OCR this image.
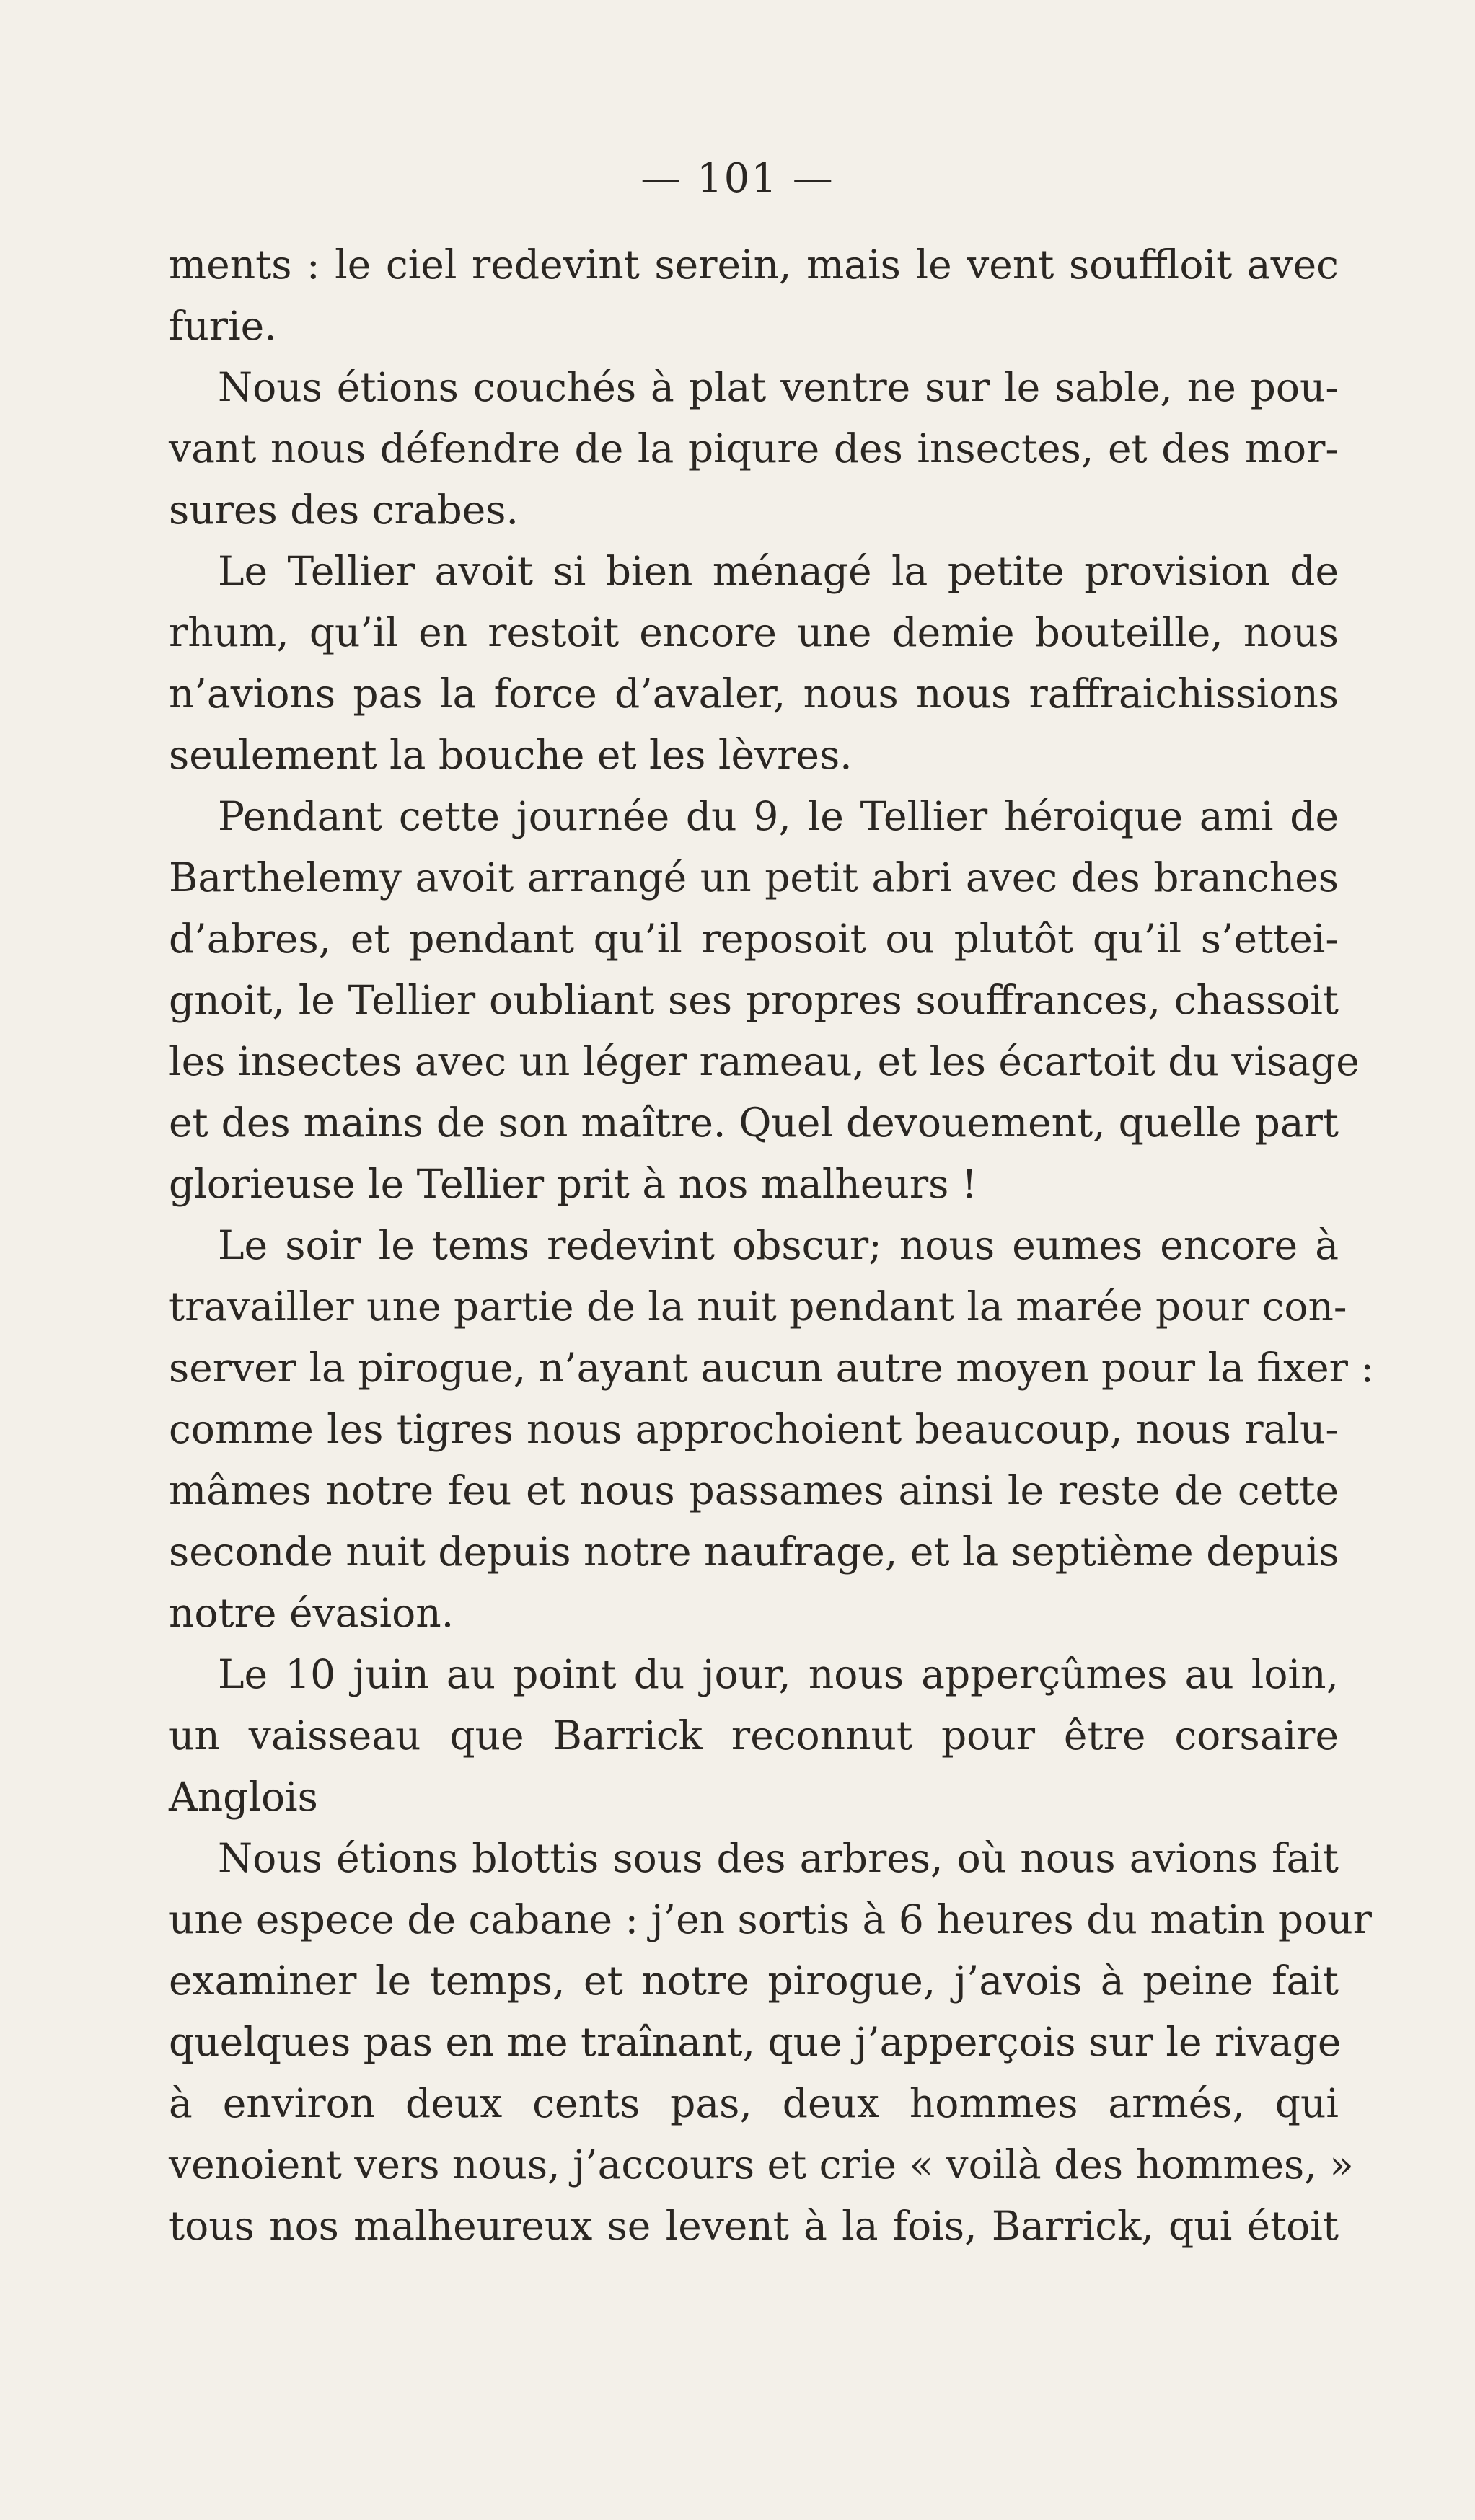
— 101 —
ments : le ciel redevint serein, mais le vent souffloit avec
furie.
Nous étions couchés à plat ventre sur le sable, ne pou-
vant nous défendre de la piqure des insectes, et des mor-
sures des crabes.
Le Tellier avoit si bien ménagé la petite provision de
rhum, qu’il en restoit encore une demie bouteille, nous
n’avions pas la force d’avaler, nous nous raffraichissions
seulement la bouche et les lèvres.
Pendant cette journée du 9, le Tellier héroique ami de
Barthelemy avoit arrangé un petit abri avec des branches
d’abres, et pendant qu’il reposoit ou plutôt qu’il s’ettei-
gnoit, le Tellier oubliant ses propres souffrances, chassoit
les insectes avec un léger rameau, et les écartoit du visage
et des mains de son maître. Quel devouement, quelle part
glorieuse le Tellier prit à nos malheurs !
Le soir le tems redevint obscur; nous eumes encore à
travailler une partie de la nuit pendant la marée pour con-
server la pirogue, n’ayant aucun autre moyen pour la fixer :
comme les tigres nous approchoient beaucoup, nous ralu-
mâmes notre feu et nous passames ainsi le reste de cette
seconde nuit depuis notre naufrage, et la septième depuis
notre évasion.
Le 10 juin au point du jour, nous apperçûmes au loin,
un vaisseau que Barrick reconnut pour être corsaire
Anglois
Nous étions blottis sous des arbres, où nous avions fait
une espece de cabane : j’en sortis à 6 heures du matin pour
examiner le temps, et notre pirogue, j’avois à peine fait
quelques pas en me traînant, que j’apperçois sur le rivage
à environ deux cents pas, deux hommes armés, qui
venoient vers nous, j’accours et crie « voilà des hommes, »
tous nos malheureux se levent à la fois, Barrick, qui étoit
